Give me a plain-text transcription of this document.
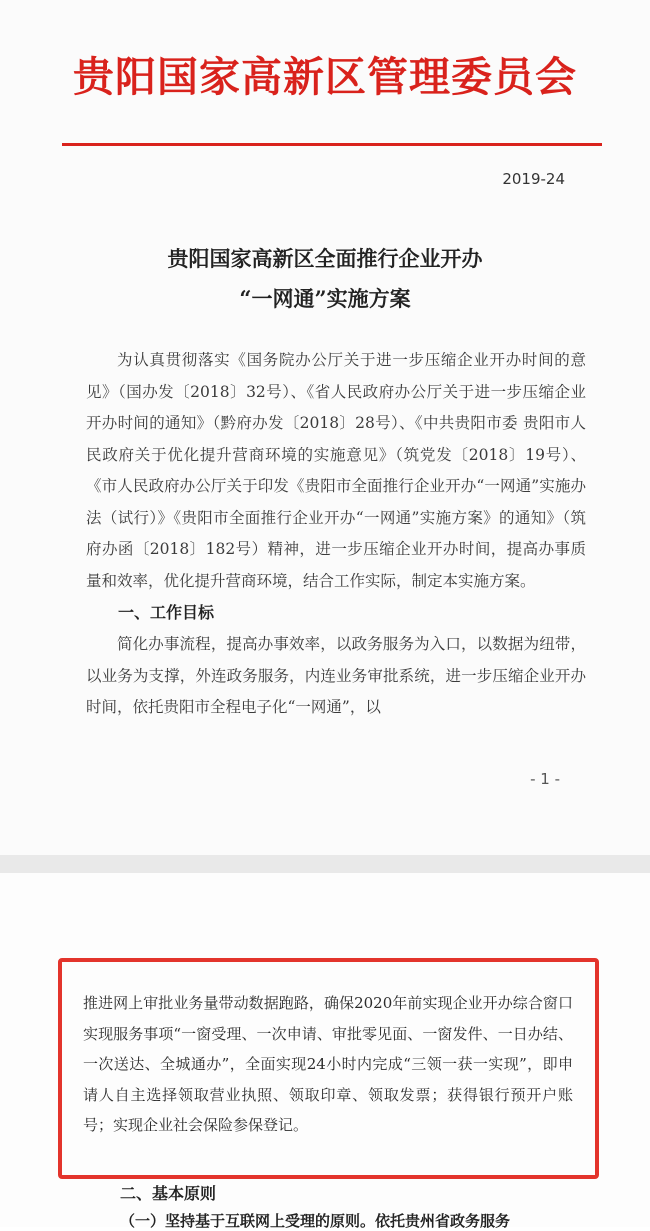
贵阳国家高新区管理委员会
2019-24
贵阳国家高新区全面推行企业开办
“一网通”实施方案

为认真贯彻落实《国务院办公厅关于进一步压缩企业开办时间的意见》（国办发〔2018〕32号）、《省人民政府办公厅关于进一步压缩企业开办时间的通知》（黔府办发〔2018〕28号）、《中共贵阳市委 贵阳市人民政府关于优化提升营商环境的实施意见》（筑党发〔2018〕19号）、《市人民政府办公厅关于印发《贵阳市全面推行企业开办“一网通”实施办法（试行）》《贵阳市全面推行企业开办“一网通”实施方案》的通知》（筑府办函〔2018〕182号）精神，进一步压缩企业开办时间，提高办事质量和效率，优化提升营商环境，结合工作实际，制定本实施方案。

一、工作目标

简化办事流程，提高办事效率，以政务服务为入口，以数据为纽带，以业务为支撑，外连政务服务，内连业务审批系统，进一步压缩企业开办时间，依托贵阳市全程电子化“一网通”，以

- 1 -

推进网上审批业务量带动数据跑路，确保2020年前实现企业开办综合窗口实现服务事项“一窗受理、一次申请、审批零见面、一窗发件、一日办结、一次送达、全城通办”，全面实现24小时内完成“三领一获一实现”，即申请人自主选择领取营业执照、领取印章、领取发票；获得银行预开户账号；实现企业社会保险参保登记。

二、基本原则
（一）坚持基于互联网上受理的原则。依托贵州省政务服务
